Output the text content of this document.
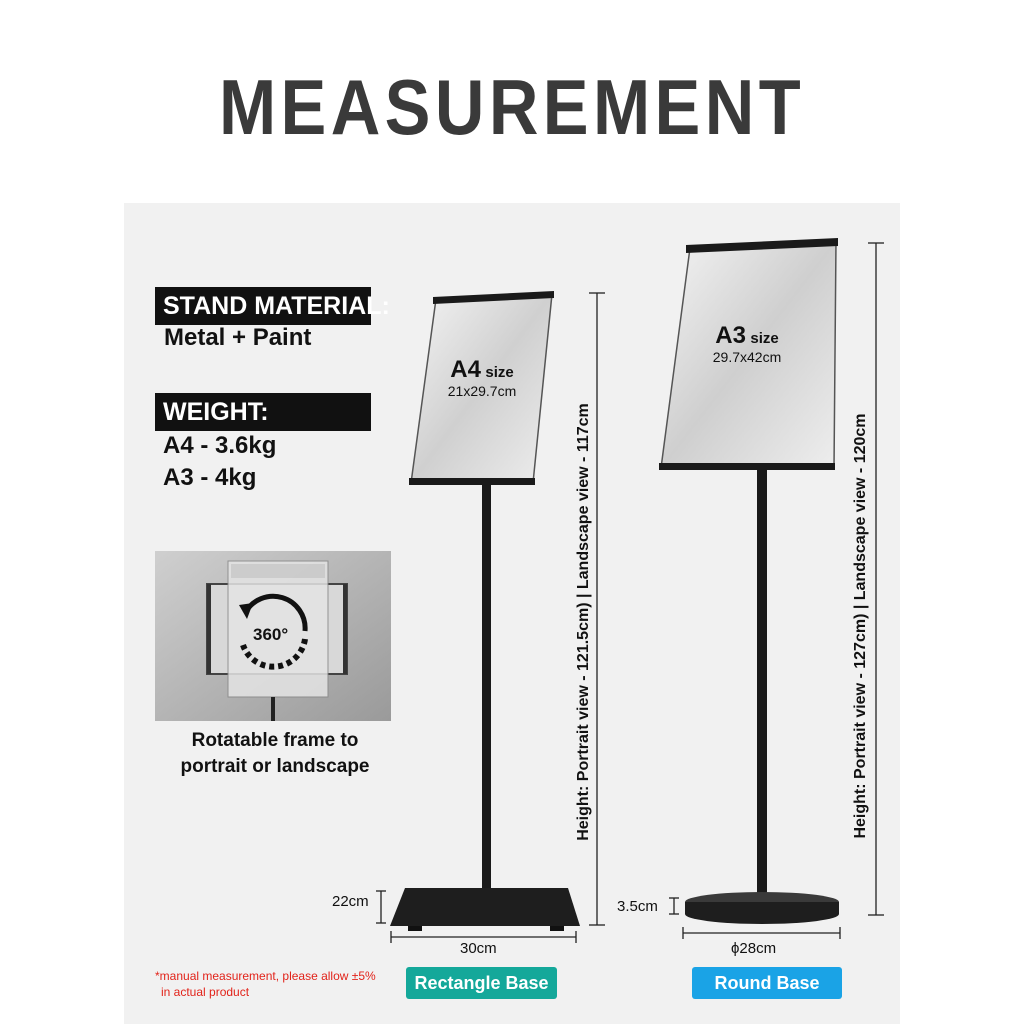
MEASUREMENT
STAND MATERIAL:
Metal + Paint
WEIGHT:
A4 - 3.6kg
A3 - 4kg
360°
Rotatable frame to
portrait or landscape
A4 size
21x29.7cm
A3 size
29.7x42cm
Height: Portrait view - 121.5cm) | Landscape view - 117cm	Height: Portrait view - 127cm) | Landscape view - 120cm
22cm
30cm
3.5cm
ϕ28cm
Rectangle Base	Round Base
*manual measurement, please allow ±5%
in actual product
